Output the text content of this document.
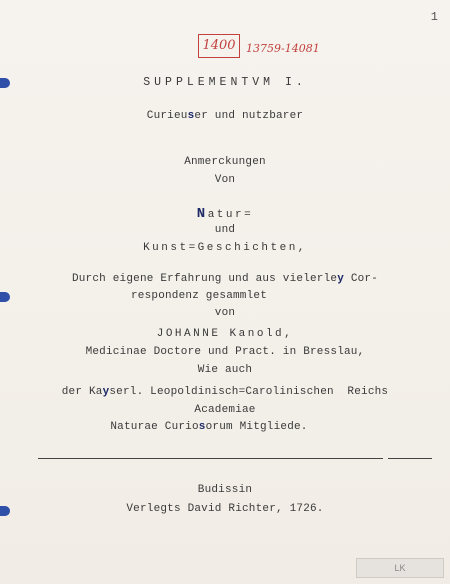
1
1400 13759-14081
SUPPLEMENTVM I.
Curieuser und nutzbarer
Anmerckungen
Von
Natur=
und
Kunst=Geschichten,
Durch eigene Erfahrung und aus vielerley Cor-
respondenz gesammlet
von
JOHANNE Kanold,
Medicinae Doctore und Pract. in Bresslau,
Wie auch
der Kayserl. Leopoldinisch=Carolinischen  Reichs
Academiae
Naturae Curiosorum Mitgliede.
Budissin
Verlegts David Richter, 1726.
LK
